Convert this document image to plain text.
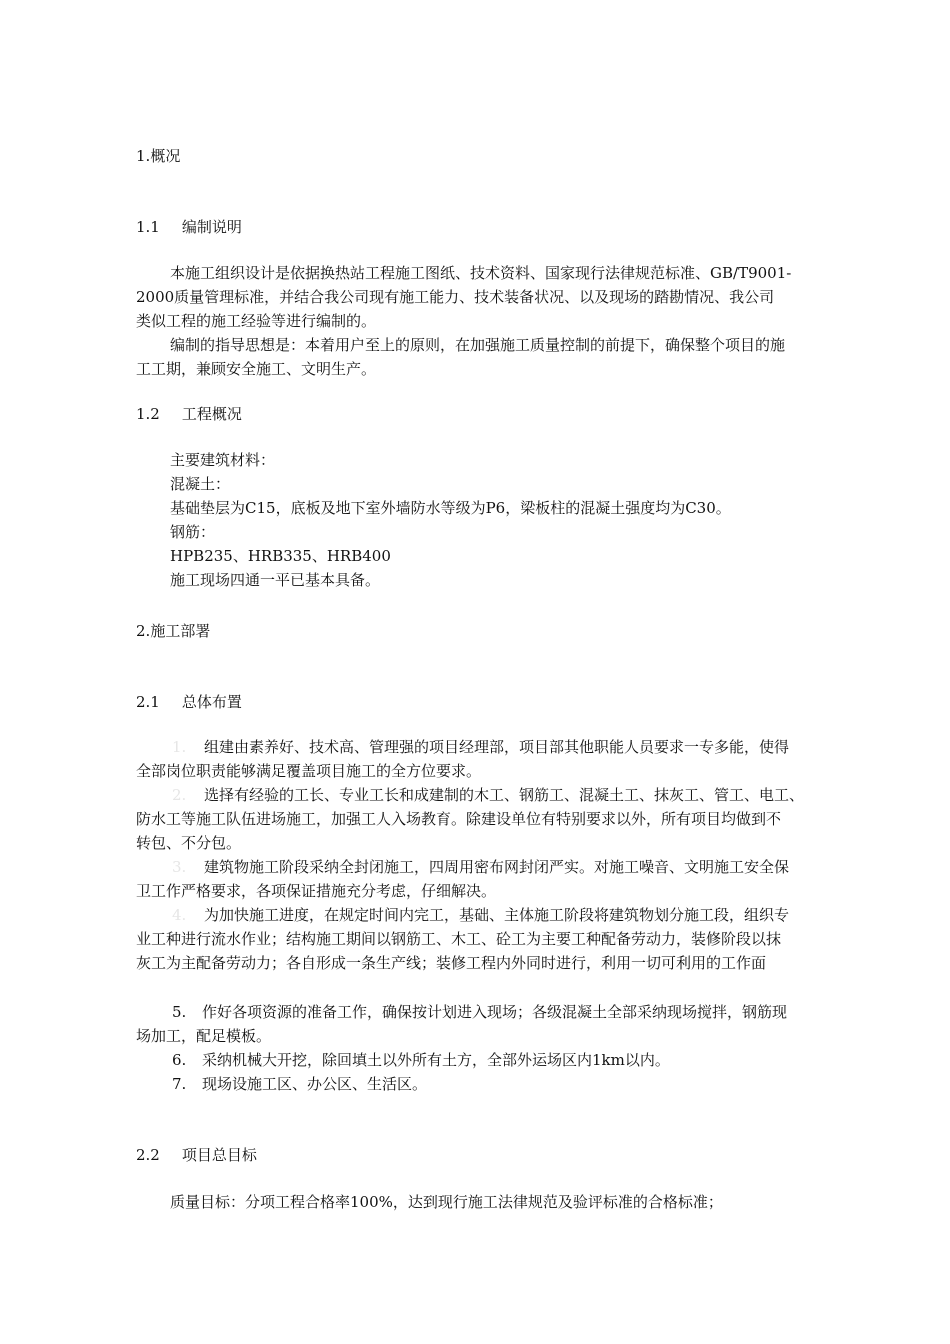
1.概况
1.1 编制说明
本施工组织设计是依据换热站工程施工图纸、技术资料、国家现行法律规范标准、GB/T9001-
2000质量管理标准，并结合我公司现有施工能力、技术装备状况、以及现场的踏勘情况、我公司
类似工程的施工经验等进行编制的。
编制的指导思想是：本着用户至上的原则，在加强施工质量控制的前提下，确保整个项目的施
工工期，兼顾安全施工、文明生产。
1.2 工程概况
主要建筑材料：
混凝土：
基础垫层为C15，底板及地下室外墙防水等级为P6，梁板柱的混凝土强度均为C30。
钢筋：
HPB235、HRB335、HRB400
施工现场四通一平已基本具备。
2.施工部署
2.1 总体布置
1. 组建由素养好、技术高、管理强的项目经理部，项目部其他职能人员要求一专多能，使得
全部岗位职责能够满足覆盖项目施工的全方位要求。
2. 选择有经验的工长、专业工长和成建制的木工、钢筋工、混凝土工、抹灰工、管工、电工、
防水工等施工队伍进场施工，加强工人入场教育。除建设单位有特别要求以外，所有项目均做到不
转包、不分包。
3. 建筑物施工阶段采纳全封闭施工，四周用密布网封闭严实。对施工噪音、文明施工安全保
卫工作严格要求，各项保证措施充分考虑，仔细解决。
4. 为加快施工进度，在规定时间内完工，基础、主体施工阶段将建筑物划分施工段，组织专
业工种进行流水作业；结构施工期间以钢筋工、木工、砼工为主要工种配备劳动力，装修阶段以抹
灰工为主配备劳动力；各自形成一条生产线；装修工程内外同时进行，利用一切可利用的工作面
5. 作好各项资源的准备工作，确保按计划进入现场；各级混凝土全部采纳现场搅拌，钢筋现
场加工，配足模板。
6. 采纳机械大开挖，除回填土以外所有土方，全部外运场区内1km以内。
7. 现场设施工区、办公区、生活区。
2.2 项目总目标
质量目标：分项工程合格率100%，达到现行施工法律规范及验评标准的合格标准；
